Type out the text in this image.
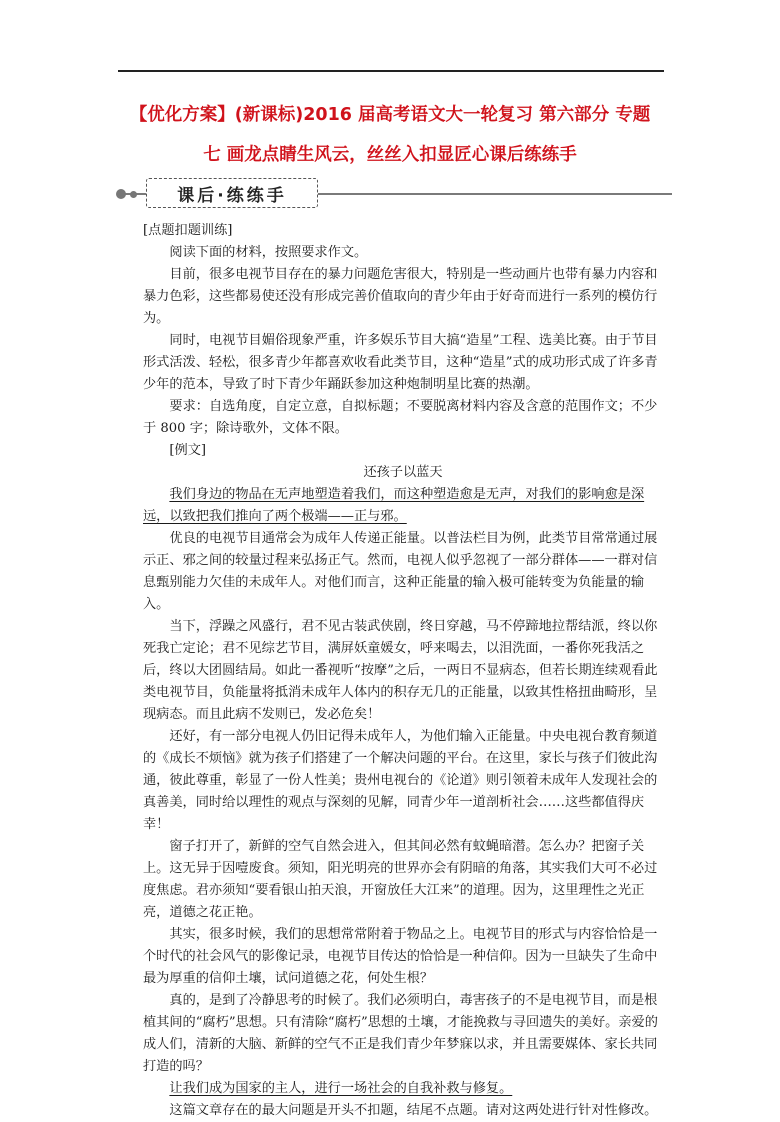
【优化方案】(新课标)2016 届高考语文大一轮复习 第六部分 专题
七 画龙点睛生风云，丝丝入扣显匠心课后练练手
课后·练练手

[点题扣题训练]

阅读下面的材料，按照要求作文。

目前，很多电视节目存在的暴力问题危害很大，特别是一些动画片也带有暴力内容和暴力色彩，这些都易使还没有形成完善价值取向的青少年由于好奇而进行一系列的模仿行为。

同时，电视节目媚俗现象严重，许多娱乐节目大搞“造星”工程、选美比赛。由于节目形式活泼、轻松，很多青少年都喜欢收看此类节目，这种“造星”式的成功形式成了许多青少年的范本，导致了时下青少年踊跃参加这种炮制明星比赛的热潮。

要求：自选角度，自定立意，自拟标题；不要脱离材料内容及含意的范围作文；不少于 800 字；除诗歌外，文体不限。

[例文]

还孩子以蓝天

我们身边的物品在无声地塑造着我们，而这种塑造愈是无声，对我们的影响愈是深远，以致把我们推向了两个极端——正与邪。

优良的电视节目通常会为成年人传递正能量。以普法栏目为例，此类节目常常通过展示正、邪之间的较量过程来弘扬正气。然而，电视人似乎忽视了一部分群体——一群对信息甄别能力欠佳的未成年人。对他们而言，这种正能量的输入极可能转变为负能量的输入。

当下，浮躁之风盛行，君不见古装武侠剧，终日穿越，马不停蹄地拉帮结派，终以你死我亡定论；君不见综艺节目，满屏妖童媛女，呼来喝去，以泪洗面，一番你死我活之后，终以大团圆结局。如此一番视听“按摩”之后，一两日不显病态，但若长期连续观看此类电视节目，负能量将抵消未成年人体内的积存无几的正能量，以致其性格扭曲畸形，呈现病态。而且此病不发则已，发必危矣！

还好，有一部分电视人仍旧记得未成年人，为他们输入正能量。中央电视台教育频道的《成长不烦恼》就为孩子们搭建了一个解决问题的平台。在这里，家长与孩子们彼此沟通，彼此尊重，彰显了一份人性美；贵州电视台的《论道》则引领着未成年人发现社会的真善美，同时给以理性的观点与深刻的见解，同青少年一道剖析社会……这些都值得庆幸！

窗子打开了，新鲜的空气自然会进入，但其间必然有蚊蝇暗潜。怎么办？把窗子关上。这无异于因噎废食。须知，阳光明亮的世界亦会有阴暗的角落，其实我们大可不必过度焦虑。君亦须知“要看银山拍天浪，开窗放任大江来”的道理。因为，这里理性之光正亮，道德之花正艳。

其实，很多时候，我们的思想常常附着于物品之上。电视节目的形式与内容恰恰是一个时代的社会风气的影像记录，电视节目传达的恰恰是一种信仰。因为一旦缺失了生命中最为厚重的信仰土壤，试问道德之花，何处生根？

真的，是到了冷静思考的时候了。我们必须明白，毒害孩子的不是电视节目，而是根植其间的“腐朽”思想。只有清除“腐朽”思想的土壤，才能挽救与寻回遗失的美好。亲爱的成人们，清新的大脑、新鲜的空气不正是我们青少年梦寐以求，并且需要媒体、家长共同打造的吗？

让我们成为国家的主人，进行一场社会的自我补救与修复。

这篇文章存在的最大问题是开头不扣题，结尾不点题。请对这两处进行针对性修改。
